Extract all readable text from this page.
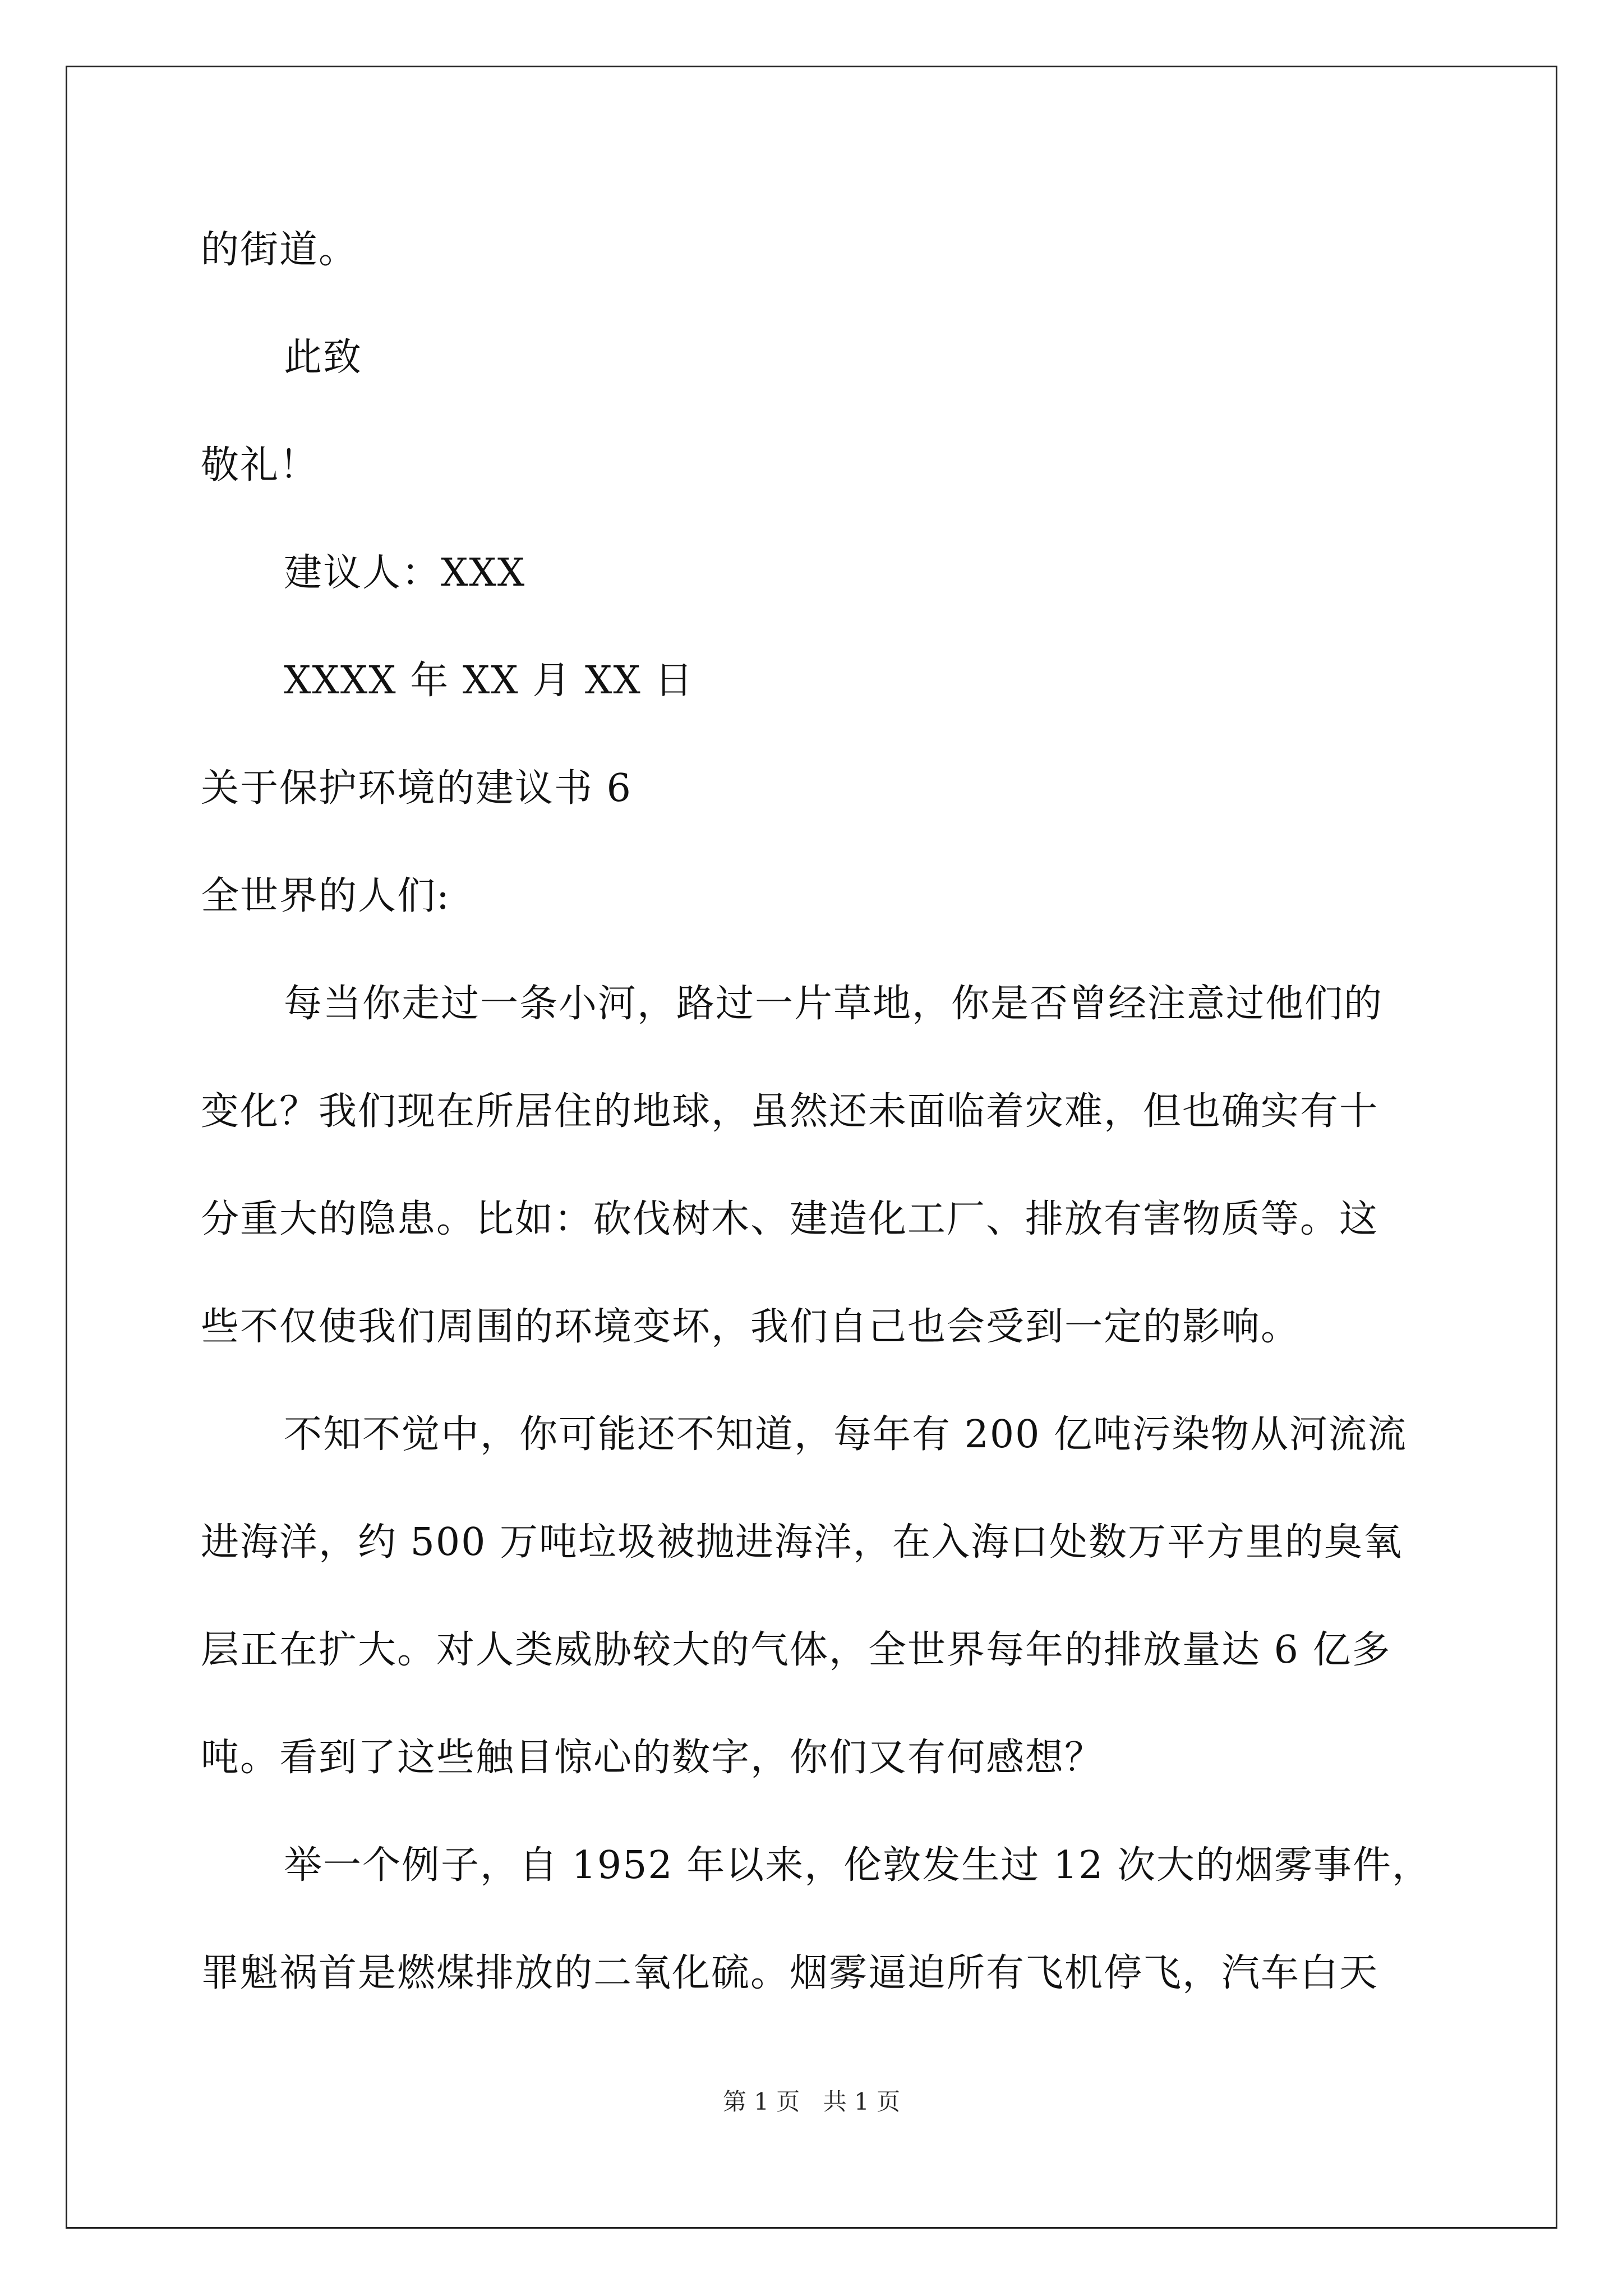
的街道。
此致
敬礼！
建议人：XXX
XXXX 年 XX 月 XX 日
关于保护环境的建议书 6
全世界的人们:
每当你走过一条小河，路过一片草地，你是否曾经注意过他们的
变化？我们现在所居住的地球，虽然还未面临着灾难，但也确实有十
分重大的隐患。比如：砍伐树木、建造化工厂、排放有害物质等。这
些不仅使我们周围的环境变坏，我们自己也会受到一定的影响。
不知不觉中，你可能还不知道，每年有 200 亿吨污染物从河流流
进海洋，约 500 万吨垃圾被抛进海洋，在入海口处数万平方里的臭氧
层正在扩大。对人类威胁较大的气体，全世界每年的排放量达 6 亿多
吨。看到了这些触目惊心的数字，你们又有何感想？
举一个例子，自 1952 年以来，伦敦发生过 12 次大的烟雾事件，
罪魁祸首是燃煤排放的二氧化硫。烟雾逼迫所有飞机停飞，汽车白天
第 1 页 共 1 页
